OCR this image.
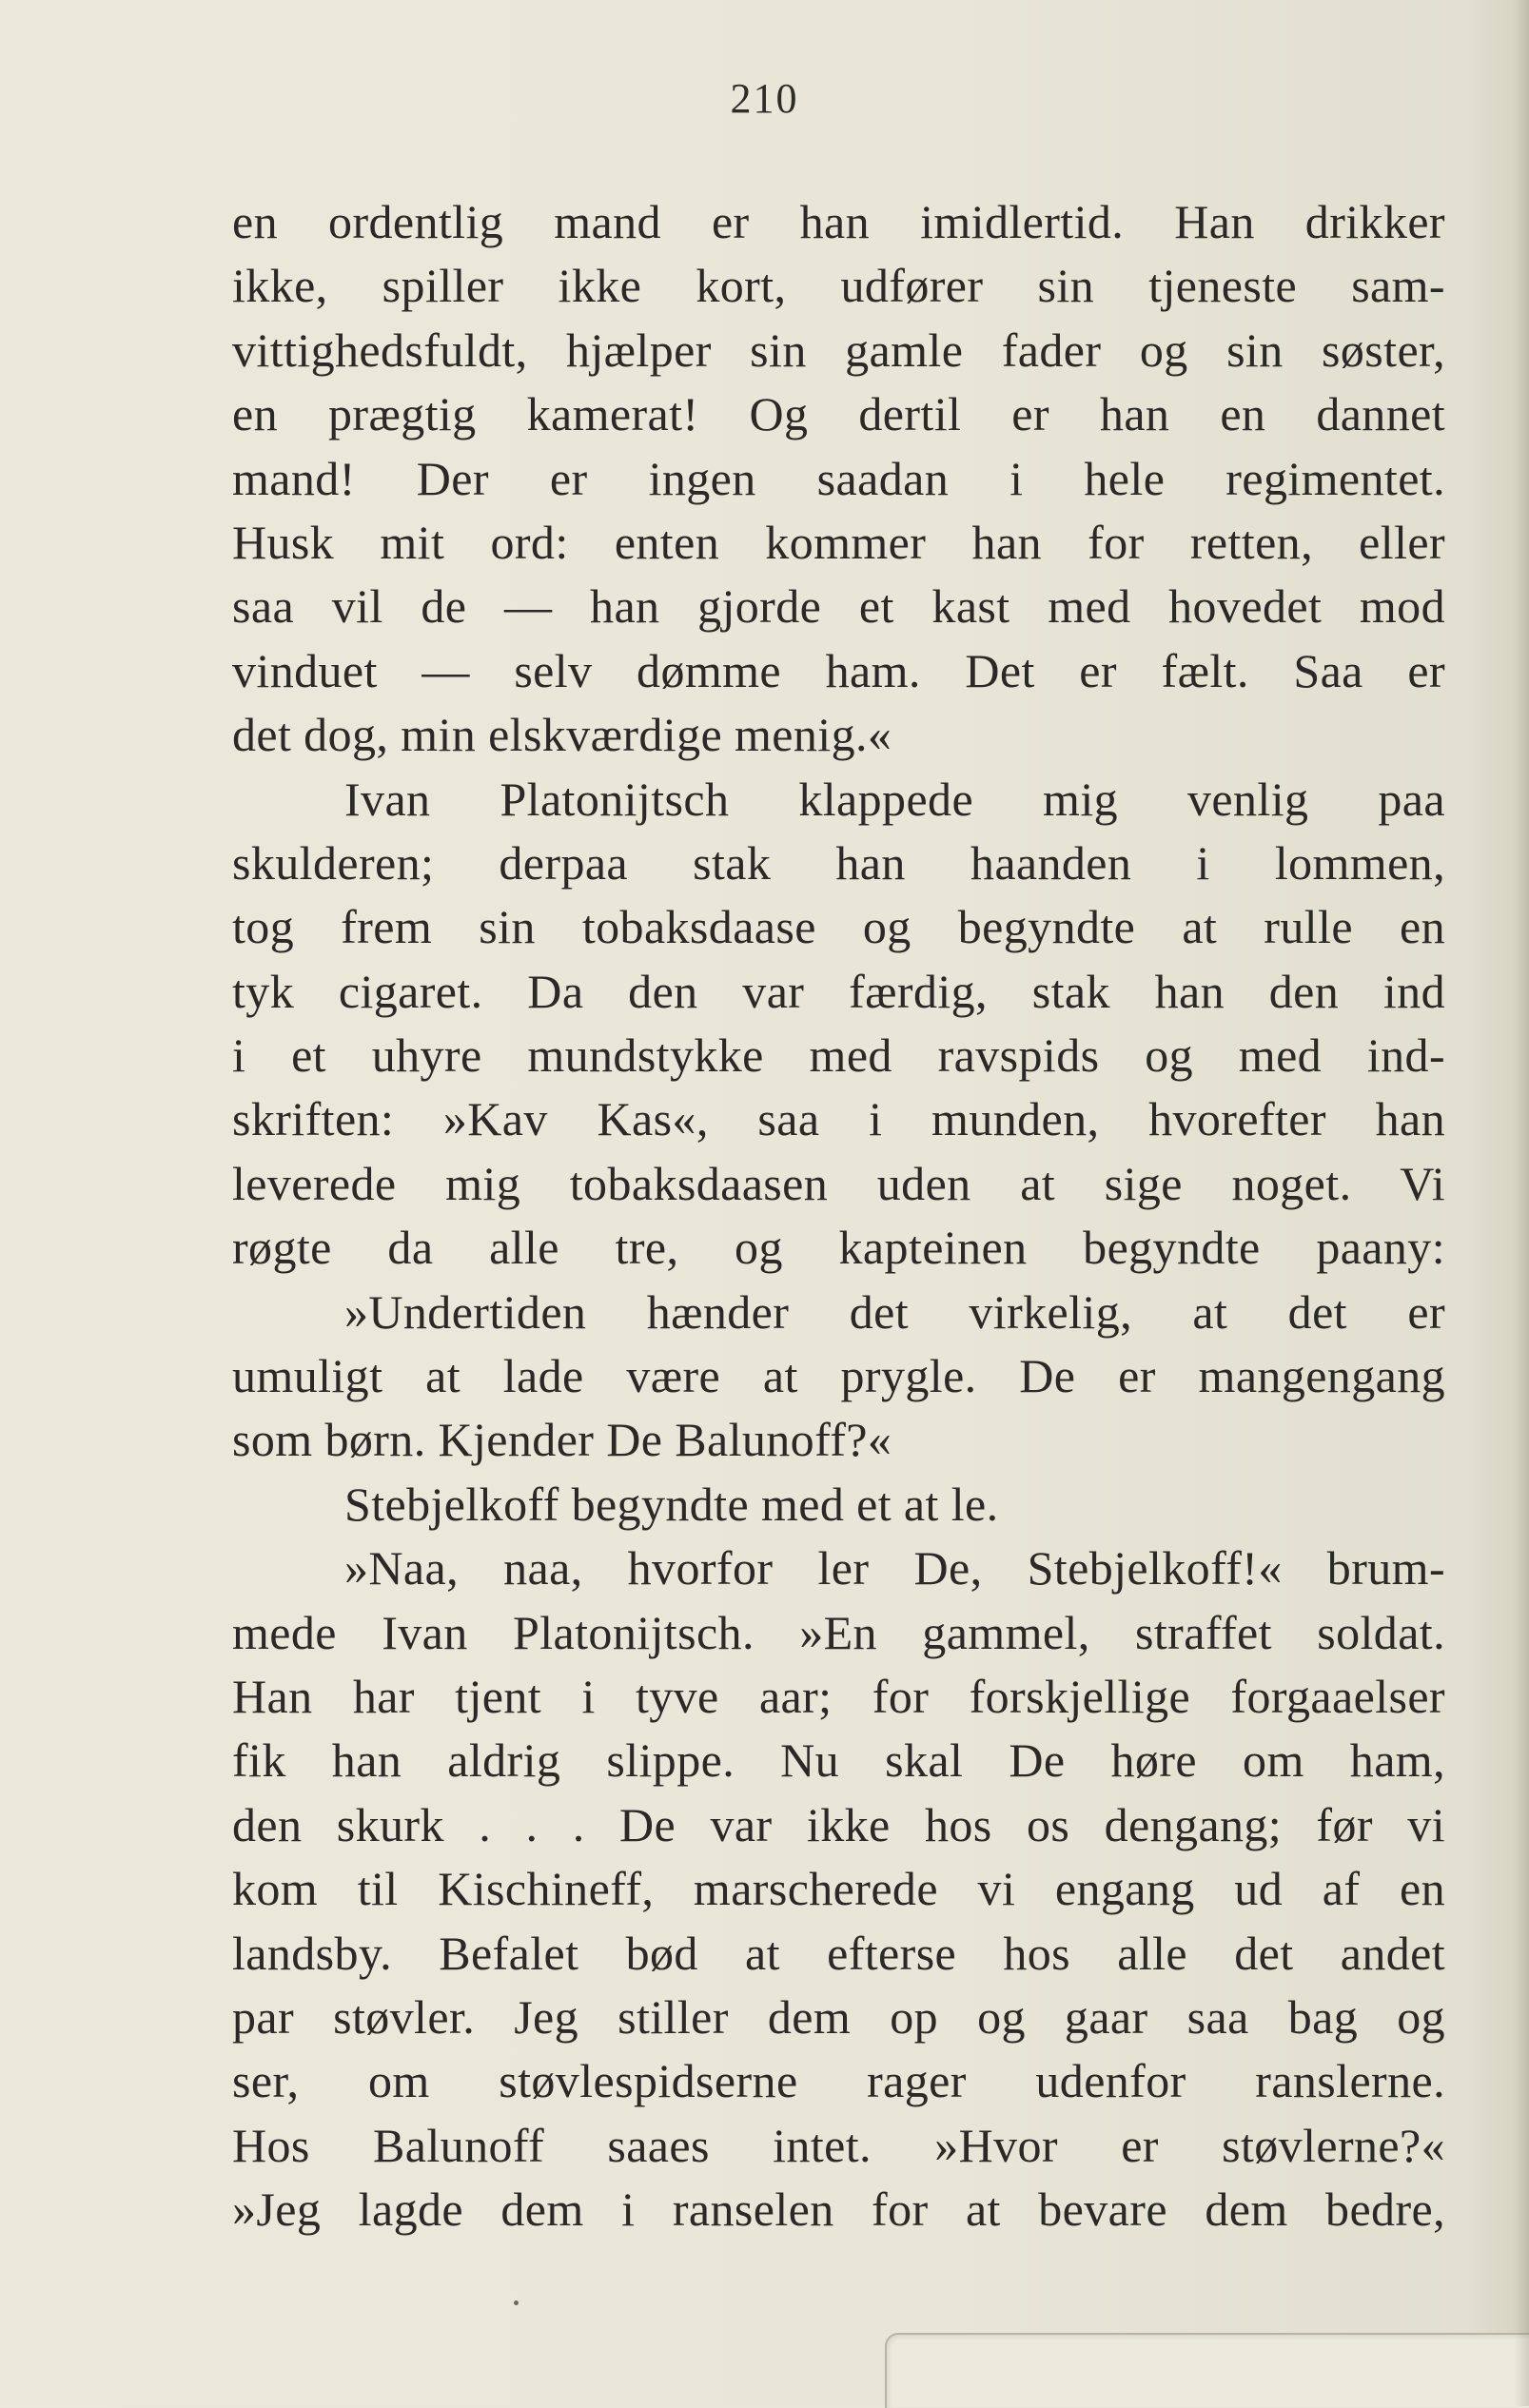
210
en ordentlig mand er han imidlertid. Han drikker
ikke, spiller ikke kort, udfører sin tjeneste sam-
vittighedsfuldt, hjælper sin gamle fader og sin søster,
en prægtig kamerat! Og dertil er han en dannet
mand! Der er ingen saadan i hele regimentet.
Husk mit ord: enten kommer han for retten, eller
saa vil de — han gjorde et kast med hovedet mod
vinduet — selv dømme ham. Det er fælt. Saa er
det dog, min elskværdige menig.«
Ivan Platonijtsch klappede mig venlig paa
skulderen; derpaa stak han haanden i lommen,
tog frem sin tobaksdaase og begyndte at rulle en
tyk cigaret. Da den var færdig, stak han den ind
i et uhyre mundstykke med ravspids og med ind-
skriften: »Kav Kas«, saa i munden, hvorefter han
leverede mig tobaksdaasen uden at sige noget. Vi
røgte da alle tre, og kapteinen begyndte paany:
»Undertiden hænder det virkelig, at det er
umuligt at lade være at prygle. De er mangengang
som børn. Kjender De Balunoff?«
Stebjelkoff begyndte med et at le.
»Naa, naa, hvorfor ler De, Stebjelkoff!« brum-
mede Ivan Platonijtsch. »En gammel, straffet soldat.
Han har tjent i tyve aar; for forskjellige forgaaelser
fik han aldrig slippe. Nu skal De høre om ham,
den skurk . . . De var ikke hos os dengang; før vi
kom til Kischineff, marscherede vi engang ud af en
landsby. Befalet bød at efterse hos alle det andet
par støvler. Jeg stiller dem op og gaar saa bag og
ser, om støvlespidserne rager udenfor ranslerne.
Hos Balunoff saaes intet. »Hvor er støvlerne?«
»Jeg lagde dem i ranselen for at bevare dem bedre,
